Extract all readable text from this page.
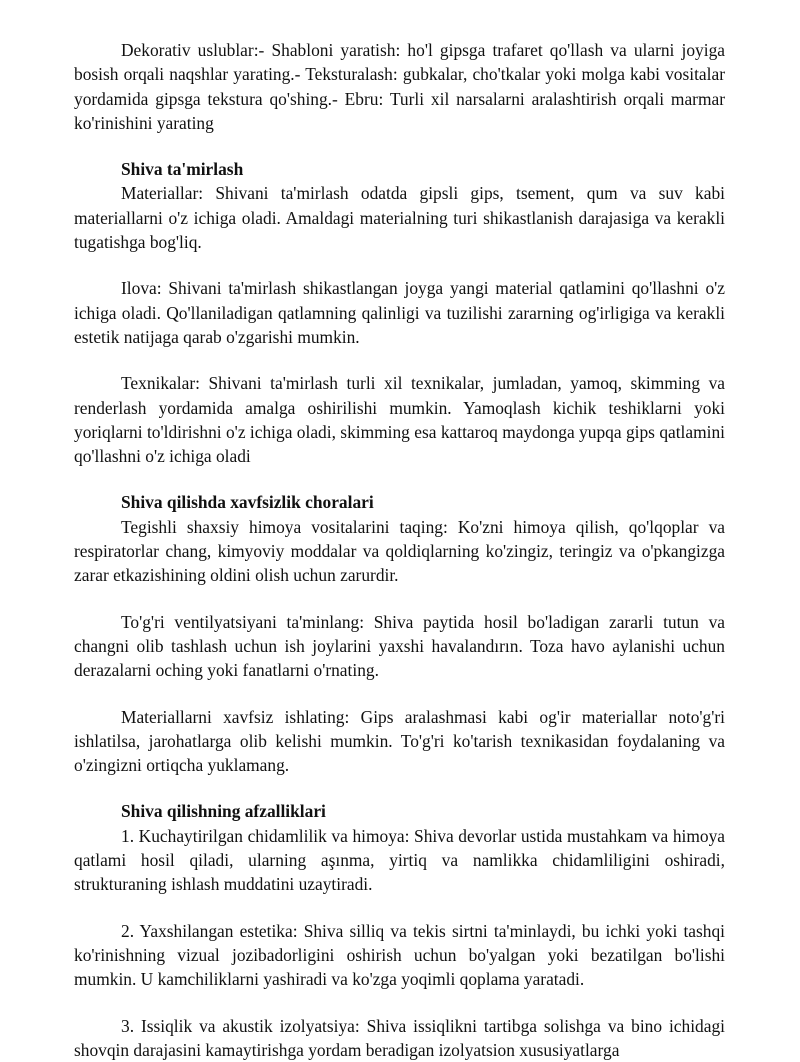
Dekorativ uslublar:- Shabloni yaratish: ho'l gipsga trafaret qo'llash va ularni joyiga bosish orqali naqshlar yarating.- Teksturalash: gubkalar, cho'tkalar yoki molga kabi vositalar yordamida gipsga tekstura qo'shing.- Ebru: Turli xil narsalarni aralashtirish orqali marmar ko'rinishini yarating

Shiva ta'mirlash

Materiallar: Shivani ta'mirlash odatda gipsli gips, tsement, qum va suv kabi materiallarni o'z ichiga oladi. Amaldagi materialning turi shikastlanish darajasiga va kerakli tugatishga bog'liq.

Ilova: Shivani ta'mirlash shikastlangan joyga yangi material qatlamini qo'llashni o'z ichiga oladi. Qo'llaniladigan qatlamning qalinligi va tuzilishi zararning og'irligiga va kerakli estetik natijaga qarab o'zgarishi mumkin.

Texnikalar: Shivani ta'mirlash turli xil texnikalar, jumladan, yamoq, skimming va renderlash yordamida amalga oshirilishi mumkin. Yamoqlash kichik teshiklarni yoki yoriqlarni to'ldirishni o'z ichiga oladi, skimming esa kattaroq maydonga yupqa gips qatlamini qo'llashni o'z ichiga oladi

Shiva qilishda xavfsizlik choralari

Tegishli shaxsiy himoya vositalarini taqing: Ko'zni himoya qilish, qo'lqoplar va respiratorlar chang, kimyoviy moddalar va qoldiqlarning ko'zingiz, teringiz va o'pkangizga zarar etkazishining oldini olish uchun zarurdir.

To'g'ri ventilyatsiyani ta'minlang: Shiva paytida hosil bo'ladigan zararli tutun va changni olib tashlash uchun ish joylarini yaxshi havalandırın. Toza havo aylanishi uchun derazalarni oching yoki fanatlarni o'rnating.

Materiallarni xavfsiz ishlating: Gips aralashmasi kabi og'ir materiallar noto'g'ri ishlatilsa, jarohatlarga olib kelishi mumkin. To'g'ri ko'tarish texnikasidan foydalaning va o'zingizni ortiqcha yuklamang.

Shiva qilishning afzalliklari

1. Kuchaytirilgan chidamlilik va himoya: Shiva devorlar ustida mustahkam va himoya qatlami hosil qiladi, ularning aşınma, yirtiq va namlikka chidamliligini oshiradi, strukturaning ishlash muddatini uzaytiradi.

2. Yaxshilangan estetika: Shiva silliq va tekis sirtni ta'minlaydi, bu ichki yoki tashqi ko'rinishning vizual jozibadorligini oshirish uchun bo'yalgan yoki bezatilgan bo'lishi mumkin. U kamchiliklarni yashiradi va ko'zga yoqimli qoplama yaratadi.

3. Issiqlik va akustik izolyatsiya: Shiva issiqlikni tartibga solishga va bino ichidagi shovqin darajasini kamaytirishga yordam beradigan izolyatsion xususiyatlarga
